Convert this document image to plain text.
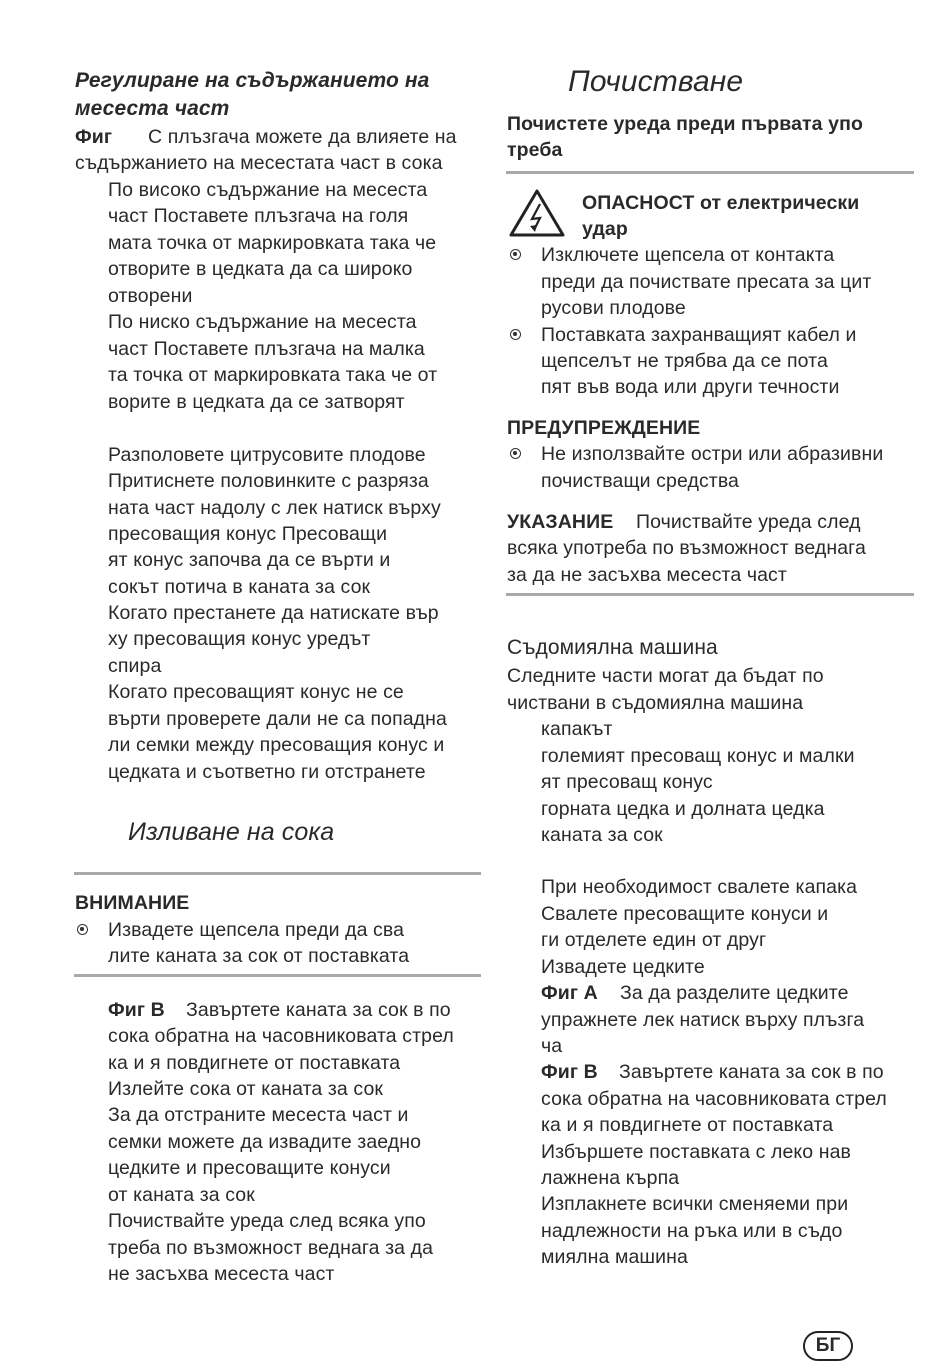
Регулиране на съдържанието на
месеста част
Фиг С плъзгача можете да влияете на
съдържанието на месестата част в сока
По високо съдържание на месеста
част Поставете плъзгача на голя
мата точка от маркировката така че
отворите в цедката да са широко
отворени
По ниско съдържание на месеста
част Поставете плъзгача на малка
та точка от маркировката така че от
ворите в цедката да се затворят
Разполовете цитрусовите плодове
Притиснете половинките с разряза
ната част надолу с лек натиск върху
пресоващия конус Пресоващи
ят конус започва да се върти и
сокът потича в каната за сок
Когато престанете да натискате вър
ху пресоващия конус уредът
спира
Когато пресоващият конус не се
върти проверете дали не са попадна
ли семки между пресоващия конус и
цедката и съответно ги отстранете
Изливане на сока
ВНИМАНИЕ
Извадете щепсела преди да сва
лите каната за сок от поставката
Фиг B Завъртете каната за сок в по
сока обратна на часовниковата стрел
ка и я повдигнете от поставката
Излейте сока от каната за сок
За да отстраните месеста част и
семки можете да извадите заедно
цедките и пресоващите конуси
от каната за сок
Почиствайте уреда след всяка упо
треба по възможност веднага за да
не засъхва месеста част
Почистване
Почистете уреда преди първата упо
треба
ОПАСНОСТ от електрически
удар
Изключете щепсела от контакта
преди да почиствате пресата за цит
русови плодове
Поставката захранващият кабел и
щепселът не трябва да се пота
пят във вода или други течности
ПРЕДУПРЕЖДЕНИЕ
Не използвайте остри или абразивни
почистващи средства
УКАЗАНИЕ Почиствайте уреда след
всяка употреба по възможност веднага
за да не засъхва месеста част
Съдомиялна машина
Следните части могат да бъдат по
чиствани в съдомиялна машина
капакът
големият пресоващ конус и малки
ят пресоващ конус
горната цедка и долната цедка
каната за сок
При необходимост свалете капака
Свалете пресоващите конуси и
ги отделете един от друг
Извадете цедките
Фиг A За да разделите цедките
упражнете лек натиск върху плъзга
ча
Фиг B Завъртете каната за сок в по
сока обратна на часовниковата стрел
ка и я повдигнете от поставката
Избършете поставката с леко нав
лажнена кърпа
Изплакнете всички сменяеми при
надлежности на ръка или в съдо
миялна машина
БГ
